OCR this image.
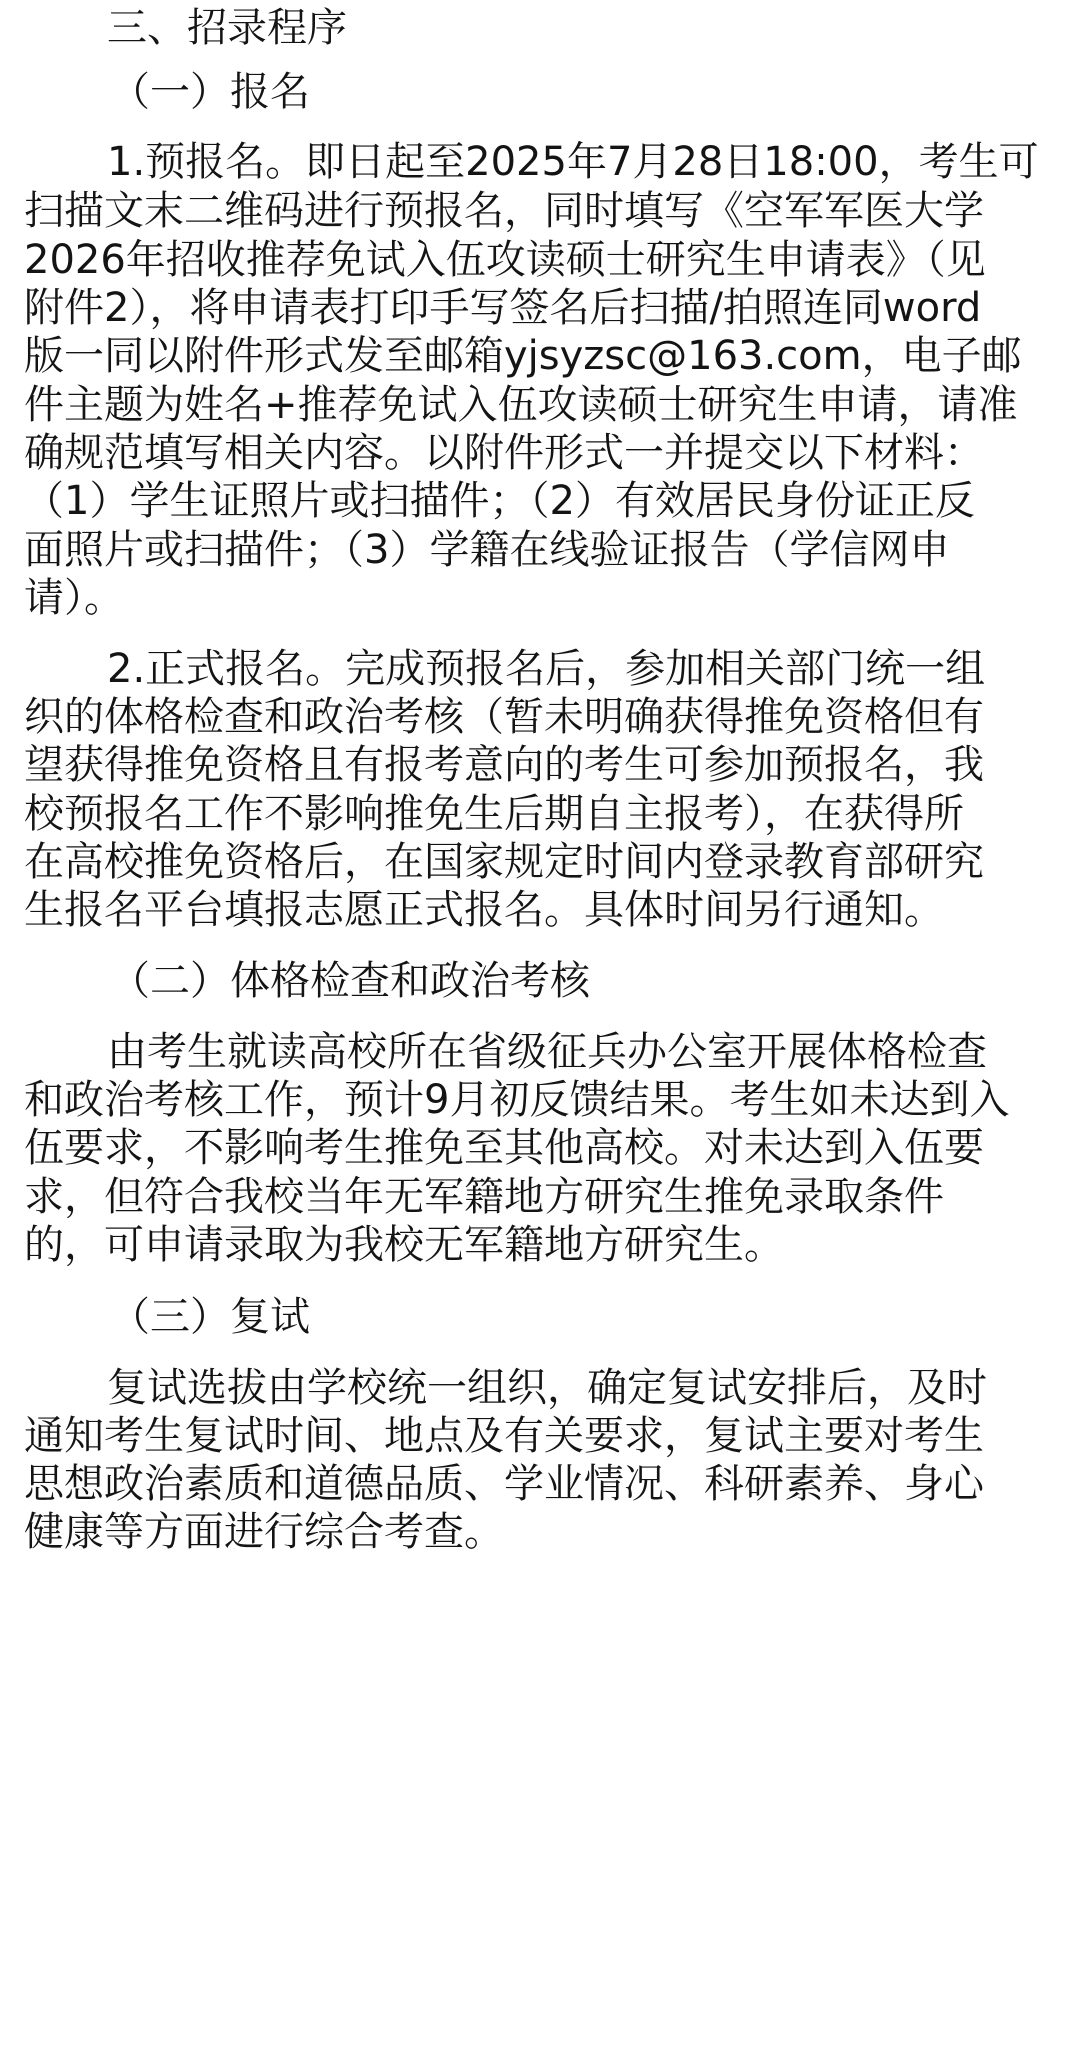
三、招录程序
（一）报名
1.预报名。即日起至2025年7月28日18:00，考生可
扫描文末二维码进行预报名，同时填写《空军军医大学
2026年招收推荐免试入伍攻读硕士研究生申请表》（见
附件2），将申请表打印手写签名后扫描/拍照连同word
版一同以附件形式发至邮箱yjsyzsc@163.com，电子邮
件主题为姓名+推荐免试入伍攻读硕士研究生申请，请准
确规范填写相关内容。以附件形式一并提交以下材料：
（1）学生证照片或扫描件；（2）有效居民身份证正反
面照片或扫描件；（3）学籍在线验证报告（学信网申
请）。
2.正式报名。完成预报名后，参加相关部门统一组
织的体格检查和政治考核（暂未明确获得推免资格但有
望获得推免资格且有报考意向的考生可参加预报名，我
校预报名工作不影响推免生后期自主报考），在获得所
在高校推免资格后，在国家规定时间内登录教育部研究
生报名平台填报志愿正式报名。具体时间另行通知。
（二）体格检查和政治考核
由考生就读高校所在省级征兵办公室开展体格检查
和政治考核工作，预计9月初反馈结果。考生如未达到入
伍要求，不影响考生推免至其他高校。对未达到入伍要
求，但符合我校当年无军籍地方研究生推免录取条件
的，可申请录取为我校无军籍地方研究生。
（三）复试
复试选拔由学校统一组织，确定复试安排后，及时
通知考生复试时间、地点及有关要求，复试主要对考生
思想政治素质和道德品质、学业情况、科研素养、身心
健康等方面进行综合考查。
